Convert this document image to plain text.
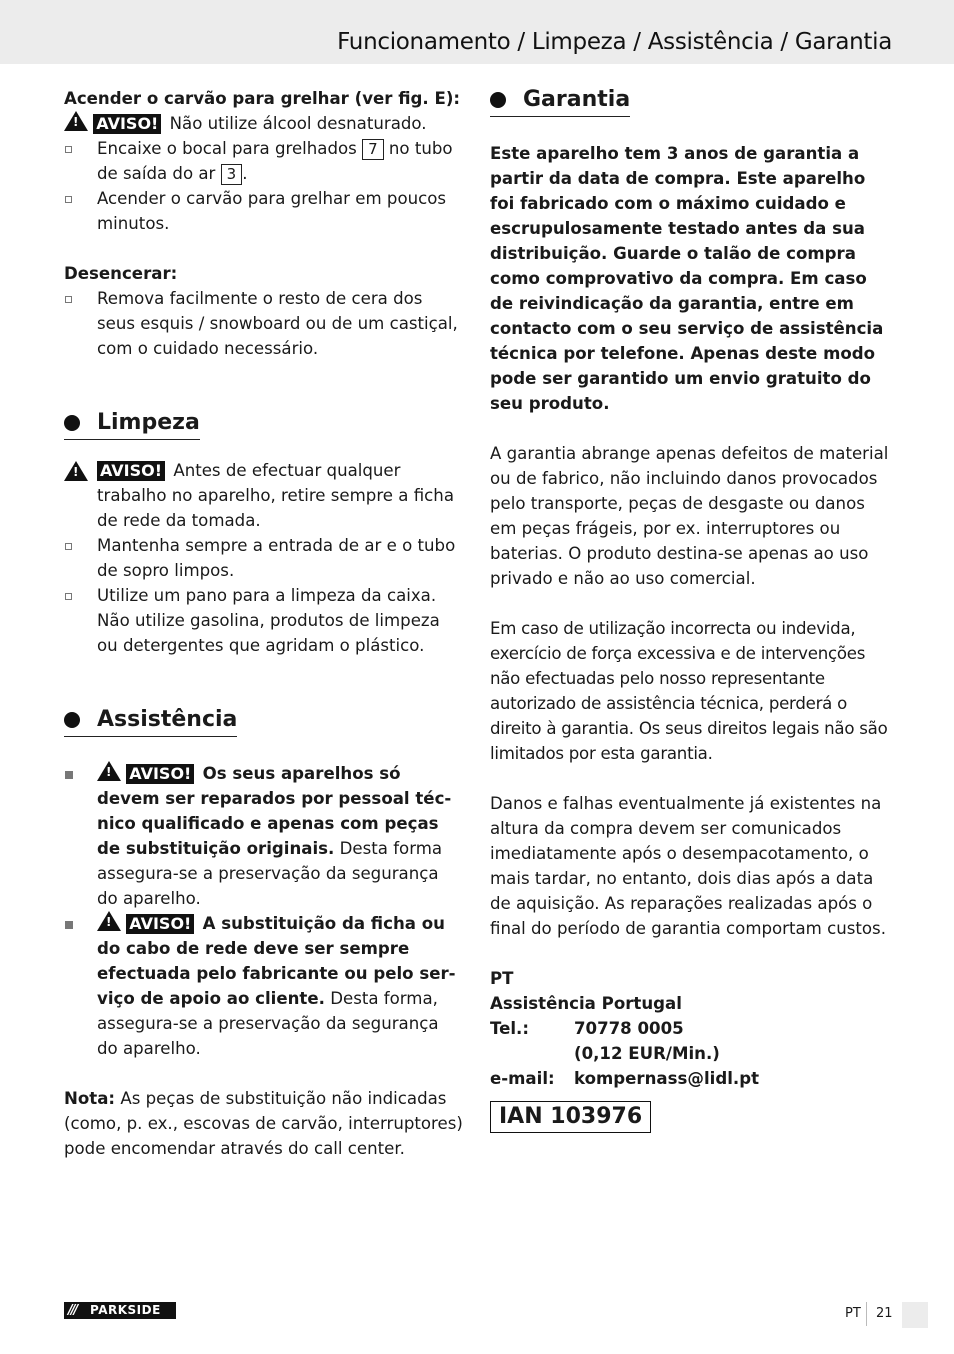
Funcionamento / Limpeza / Assistência / Garantia

Acender o carvão para grelhar (ver fig. E):

! AVISO! Não utilize álcool desnaturado.

Encaixe o bocal para grelhados 7 no tubo de saída do ar 3 .
Acender o carvão para grelhar em poucos minutos.

Desencerar:

Remova facilmente o resto de cera dos seus esquis / snowboard ou de um castiçal, com o cuidado necessário.
Limpeza
!
AVISO! Antes de efectuar qualquer trabalho no aparelho, retire sempre a ficha de rede da tomada.
Mantenha sempre a entrada de ar e o tubo de sopro limpos.
Utilize um pano para a limpeza da caixa. Não utilize gasolina, produtos de limpeza ou detergentes que agridam o plástico.
Assistência
! AVISO! Os seus aparelhos só devem ser reparados por pessoal técnico qualificado e apenas com peças de substituição originais. Desta forma assegura-se a preservação da segurança do aparelho.
! AVISO! A substituição da ficha ou do cabo de rede deve ser sempre efectuada pelo fabricante ou pelo serviço de apoio ao cliente. Desta forma, assegura-se a preservação da segurança do aparelho.

Nota: As peças de substituição não indicadas (como, p. ex., escovas de carvão, interruptores) pode encomendar através do call center.

Garantia

Este aparelho tem 3 anos de garantia a partir da data de compra. Este aparelho foi fabricado com o máximo cuidado e escrupulosamente testado antes da sua distribuição. Guarde o talão de compra como comprovativo da compra. Em caso de reivindicação da garantia, entre em contacto com o seu serviço de assistência técnica por telefone. Apenas deste modo pode ser garantido um envio gratuito do seu produto.

A garantia abrange apenas defeitos de material ou de fabrico, não incluindo danos provocados pelo transporte, peças de desgaste ou danos em peças frágeis, por ex. interruptores ou baterias. O produto destina-se apenas ao uso privado e não ao uso comercial.

Em caso de utilização incorrecta ou indevida, exercício de força excessiva e de intervenções não efectuadas pelo nosso representante autorizado de assistência técnica, perderá o direito à garantia. Os seus direitos legais não são limitados por esta garantia.

Danos e falhas eventualmente já existentes na altura da compra devem ser comunicados imediatamente após o desempacotamento, o mais tardar, no entanto, dois dias após a data de aquisição. As reparações realizadas após o final do período de garantia comportam custos.

PT

Assistência Portugal

Tel.:	70778 0005
(0,12 EUR/Min.)
e-mail:	kompernass@lidl.pt
IAN 103976
///	PARKSIDE	PT 21
